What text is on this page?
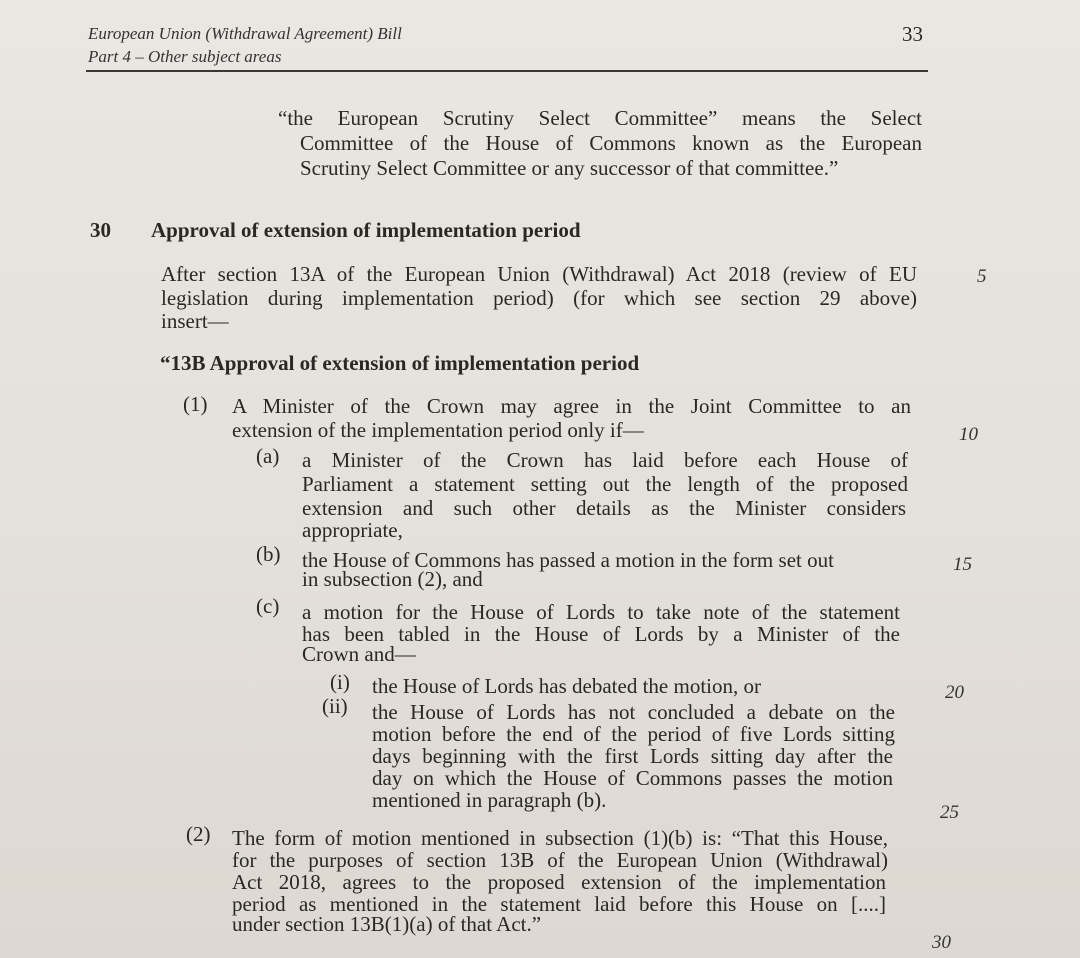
European Union (Withdrawal Agreement) Bill
Part 4 – Other subject areas
33
“the European Scrutiny Select Committee” means the Select
Committee of the House of Commons known as the European
Scrutiny Select Committee or any successor of that committee.”
30 Approval of extension of implementation period
After section 13A of the European Union (Withdrawal) Act 2018 (review of EU
legislation during implementation period) (for which see section 29 above)
insert—
“13B Approval of extension of implementation period
(1) A Minister of the Crown may agree in the Joint Committee to an
extension of the implementation period only if—
(a) a Minister of the Crown has laid before each House of
Parliament a statement setting out the length of the proposed
extension and such other details as the Minister considers
appropriate,
(b) the House of Commons has passed a motion in the form set out
in subsection (2), and
(c) a motion for the House of Lords to take note of the statement
has been tabled in the House of Lords by a Minister of the
Crown and—
(i) the House of Lords has debated the motion, or
(ii) the House of Lords has not concluded a debate on the
motion before the end of the period of five Lords sitting
days beginning with the first Lords sitting day after the
day on which the House of Commons passes the motion
mentioned in paragraph (b).
(2) The form of motion mentioned in subsection (1)(b) is: “That this House,
for the purposes of section 13B of the European Union (Withdrawal)
Act 2018, agrees to the proposed extension of the implementation
period as mentioned in the statement laid before this House on [....]
under section 13B(1)(a) of that Act.”
5
10
15
20
25
30
